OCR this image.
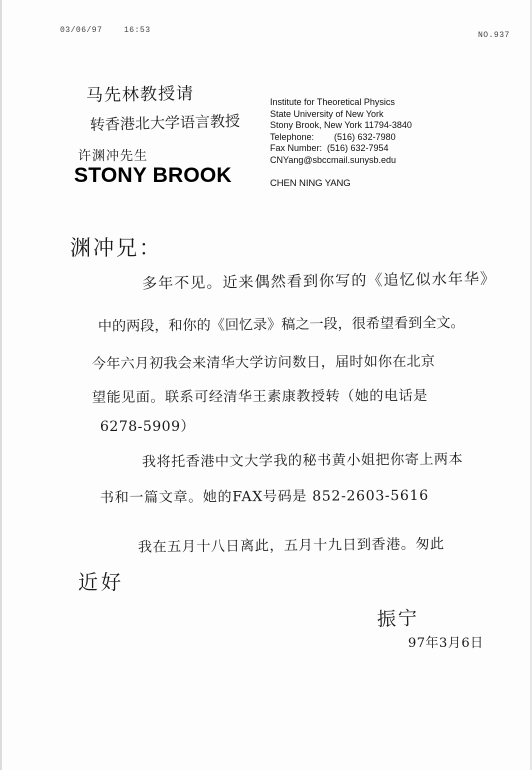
03/06/97	16:53
NO.937
马先林教授请
转香港北大学语言教授
许渊冲先生
STONY BROOK	CHEN NING YANG
Institute for Theoretical Physics
State University of New York
Stony Brook, New York 11794-3840
Telephone:        (516) 632-7980
Fax Number:  (516) 632-7954
CNYang@sbccmail.sunysb.edu
渊冲兄：
多年不见。近来偶然看到你写的《追忆似水年华》
中的两段，和你的《回忆录》稿之一段，很希望看到全文。
今年六月初我会来清华大学访问数日，届时如你在北京
望能见面。联系可经清华王素康教授转（她的电话是
6278-5909）
我将托香港中文大学我的秘书黄小姐把你寄上两本
书和一篇文章。她的FAX号码是 852-2603-5616
我在五月十八日离此，五月十九日到香港。匆此
近好
振宁
97年3月6日
